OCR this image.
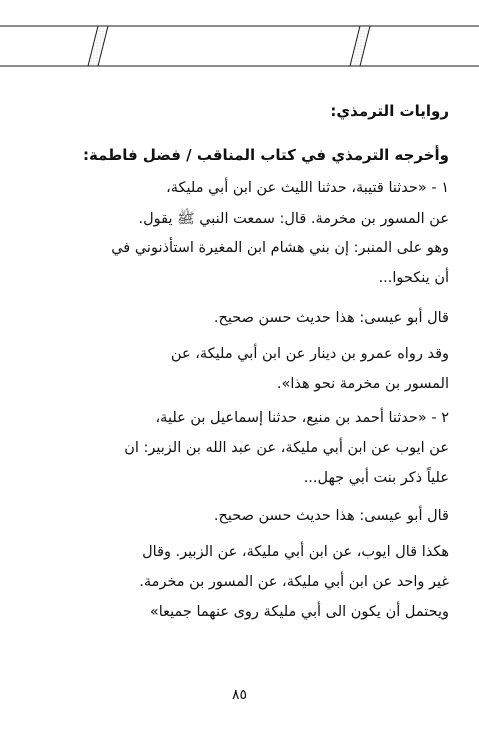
روايات الترمذي:
وأخرجه الترمذي في كتاب المناقب / فضل فاطمة:
١ - «حدثنا قتيبة، حدثنا الليث عن ابن أبي مليكة،
عن المسور بن مخرمة. قال: سمعت النبي ﷺ يقول.
وهو على المنبر: إن بني هشام ابن المغيرة استأذنوني في
أن ينكحوا...
قال أبو عيسى: هذا حديث حسن صحيح.
وقد رواه عمرو بن دينار عن ابن أبي مليكة، عن
المسور بن مخرمة نحو هذا».
٢ - «حدثنا أحمد بن منيع، حدثنا إسماعيل بن علية،
عن ايوب عن ابن أبي مليكة، عن عبد الله بن الزبير: ان
علياً ذكر بنت أبي جهل...
قال أبو عيسى: هذا حديث حسن صحيح.
هكذا قال ايوب، عن ابن أبي مليكة، عن الزبير. وقال
غير واحد عن ابن أبي مليكة، عن المسور بن مخرمة.
ويحتمل أن يكون الى أبي مليكة روى عنهما جميعا»
٨٥
